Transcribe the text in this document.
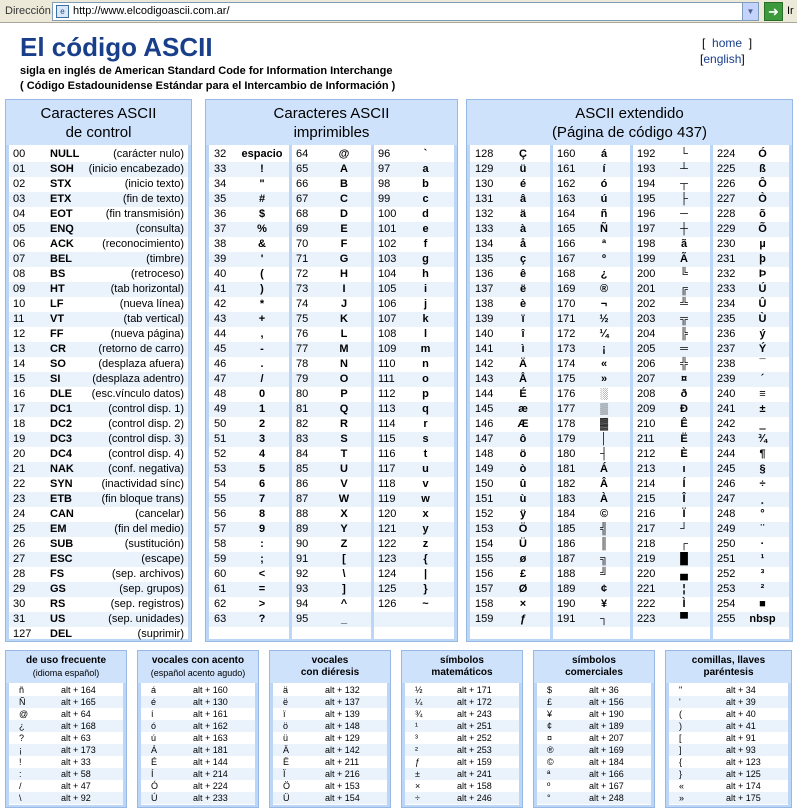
Dirección	e http://www.elcodigoascii.com.ar/	▼	➜ Ir
El código ASCII
sigla en inglés de American Standard Code for Information Interchange
( Código Estadounidense Estándar para el Intercambio de Información )
[ home ]
[english]
Caracteres ASCII
de control
00 NULL	(carácter nulo)
01 SOH (inicio encabezado)
02 STX	(inicio texto)
03 ETX	(fin de texto)
04 EOT	(fin transmisión)
05 ENQ	(consulta)
06 ACK	(reconocimiento)
07 BEL	(timbre)
08 BS	(retroceso)
09 HT	(tab horizontal)
10 LF	(nueva línea)
11 VT	(tab vertical)
12 FF	(nueva página)
13 CR	(retorno de carro)
14 SO	(desplaza afuera)
15 SI	(desplaza adentro)
16 DLE (esc.vínculo datos)
17 DC1	(control disp. 1)
18 DC2	(control disp. 2)
19 DC3	(control disp. 3)
20 DC4	(control disp. 4)
21 NAK	(conf. negativa)
22 SYN	(inactividad sínc)
23 ETB	(fin bloque trans)
24 CAN	(cancelar)
25 EM	(fin del medio)
26 SUB	(sustitución)
27 ESC	(escape)
28 FS	(sep. archivos)
29 GS	(sep. grupos)
30 RS	(sep. registros)
31 US	(sep. unidades)
127 DEL	(suprimir)
Caracteres ASCII
imprimibles
32	espacio	64	@	96	`
33	!	65	A	97	a
34	"	66	B	98	b
35	#	67	C	99	c
36	$	68	D	100	d
37	%	69	E	101	e
38	&	70	F	102	f
39	'	71	G	103	g
40	(	72	H	104	h
41	)	73	I	105	i
42	*	74	J	106	j
43	+	75	K	107	k
44	,	76	L	108	l
45	-	77	M	109	m
46	.	78	N	110	n
47	/	79	O	111	o
48	0	80	P	112	p
49	1	81	Q	113	q
50	2	82	R	114	r
51	3	83	S	115	s
52	4	84	T	116	t
53	5	85	U	117	u
54	6	86	V	118	v
55	7	87	W	119	w
56	8	88	X	120	x
57	9	89	Y	121	y
58	:	90	Z	122	z
59	;	91	[	123	{
60	<	92	\	124	|
61	=	93	]	125	}
62	>	94	^	126	~
63	?	95	_
ASCII extendido
(Página de código 437)
128	Ç	160	á	192	└	224	Ó
129	ü	161	í	193	┴	225	ß
130	é	162	ó	194	┬	226	Ô
131	â	163	ú	195	├	227	Ò
132	ä	164	ñ	196	─	228	õ
133	à	165	Ñ	197	┼	229	Õ
134	å	166	ª	198	ã	230	µ
135	ç	167	º	199	Ã	231	þ
136	ê	168	¿	200	╚	232	Þ
137	ë	169	®	201	╔	233	Ú
138	è	170	¬	202	╩	234	Û
139	ï	171	½	203	╦	235	Ù
140	î	172	¼	204	╠	236	ý
141	ì	173	¡	205	═	237	Ý
142	Ä	174	«	206	╬	238	¯
143	Å	175	»	207	¤	239	´
144	É	176	░	208	ð	240	≡
145	æ	177	▒	209	Ð	241	±
146	Æ	178	▓	210	Ê	242	‗
147	ô	179	│	211	Ë	243	¾
148	ö	180	┤	212	È	244	¶
149	ò	181	Á	213	ı	245	§
150	û	182	Â	214	Í	246	÷
151	ù	183	À	215	Î	247	¸
152	ÿ	184	©	216	Ï	248	°
153	Ö	185	╣	217	┘	249	¨
154	Ü	186	║	218	┌	250	·
155	ø	187	╗	219	█	251	¹
156	£	188	╝	220	▄	252	³
157	Ø	189	¢	221	¦	253	²
158	×	190	¥	222	Ì	254	■
159	ƒ	191	┐	223	▀	255	nbsp
de uso frecuente
(idioma español)
ñ	alt + 164
Ñ	alt + 165
@	alt + 64
¿	alt + 168
?	alt + 63
¡	alt + 173
!	alt + 33
:	alt + 58
/	alt + 47
\	alt + 92
vocales con acento
(español acento agudo)
á	alt + 160
é	alt + 130
í	alt + 161
ó	alt + 162
ú	alt + 163
Á	alt + 181
É	alt + 144
Í	alt + 214
Ó	alt + 224
Ú	alt + 233
vocales
con diéresis
ä	alt + 132
ë	alt + 137
ï	alt + 139
ö	alt + 148
ü	alt + 129
Ä	alt + 142
Ë	alt + 211
Ï	alt + 216
Ö	alt + 153
Ü	alt + 154
símbolos
matemáticos
½	alt + 171
¼	alt + 172
¾	alt + 243
¹	alt + 251
³	alt + 252
²	alt + 253
ƒ	alt + 159
±	alt + 241
×	alt + 158
÷	alt + 246
símbolos
comerciales
$	alt + 36
£	alt + 156
¥	alt + 190
¢	alt + 189
¤	alt + 207
®	alt + 169
©	alt + 184
ª	alt + 166
º	alt + 167
°	alt + 248
comillas, llaves
paréntesis
"	alt + 34
'	alt + 39
(	alt + 40
)	alt + 41
[	alt + 91
]	alt + 93
{	alt + 123
}	alt + 125
«	alt + 174
»	alt + 175
